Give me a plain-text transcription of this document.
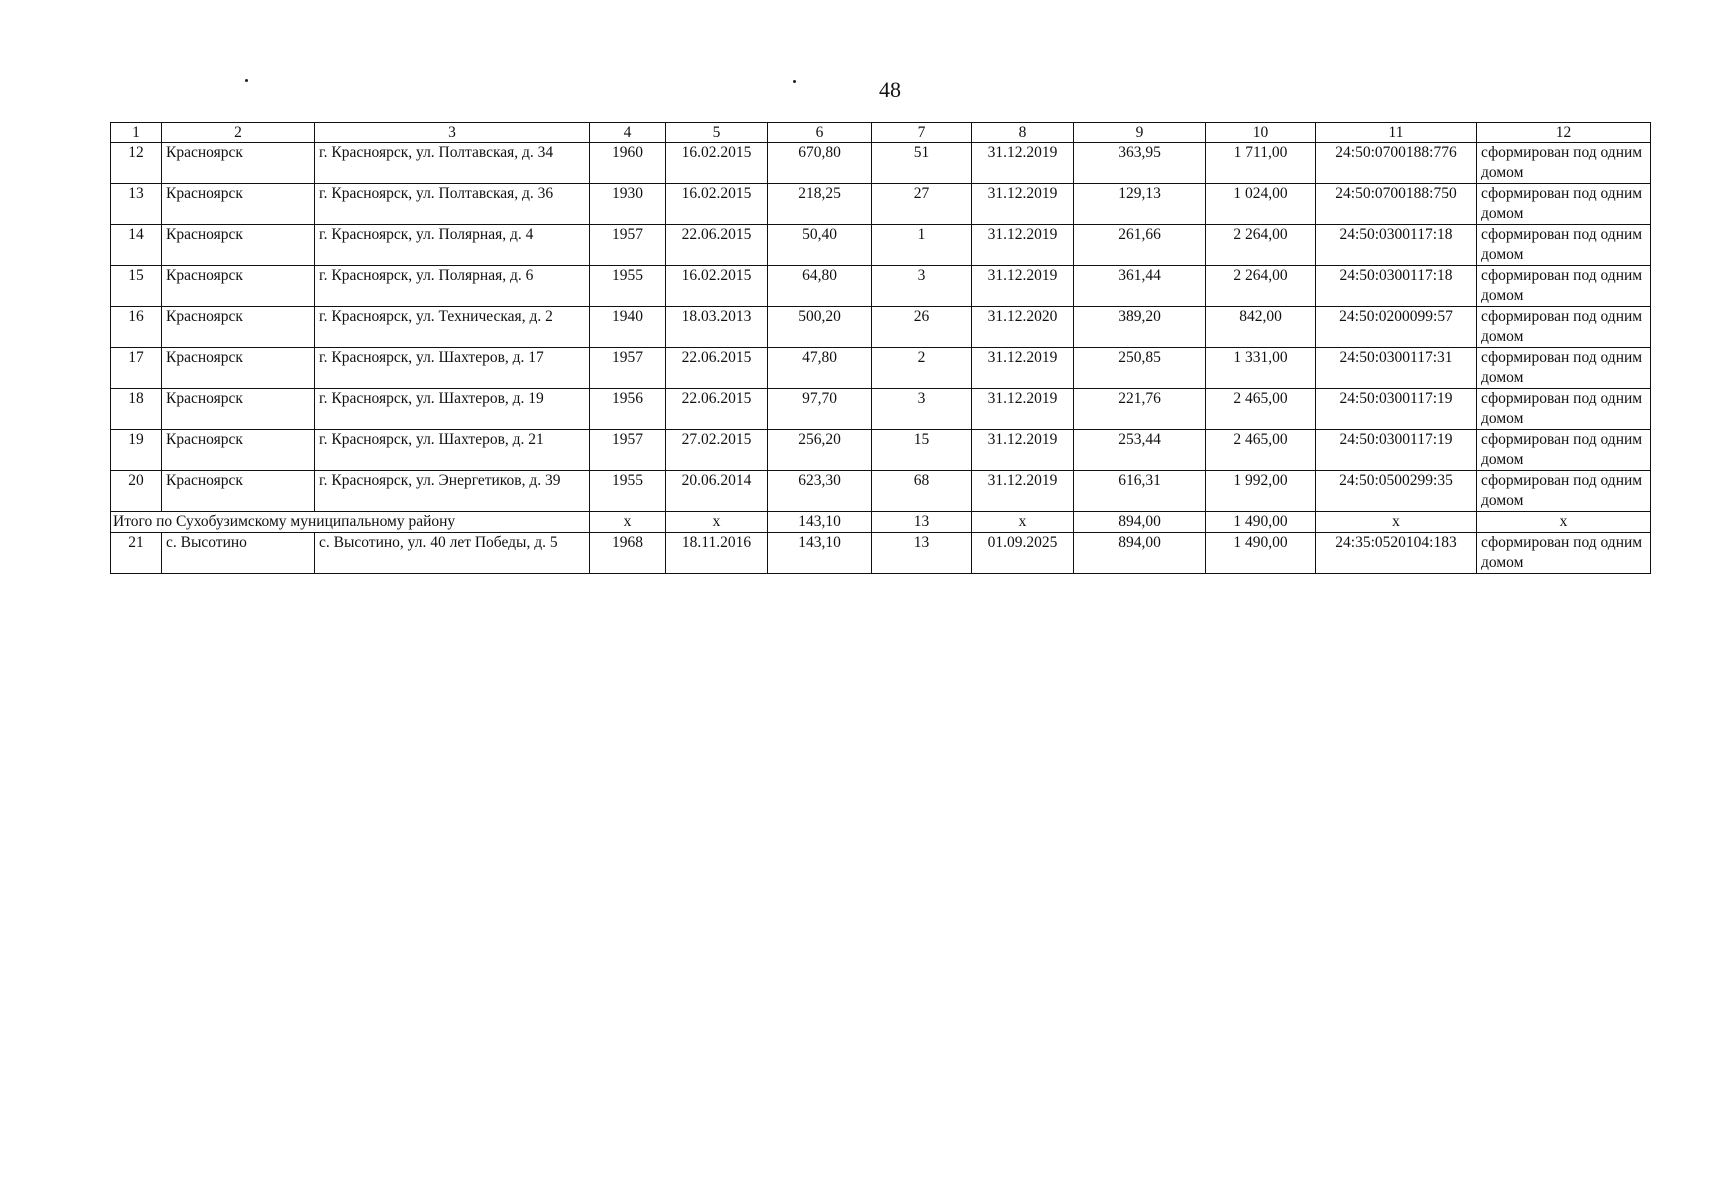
48
1	2	3	4	5	6	7	8	9	10	11	12
12	Красноярск	г. Красноярск, ул. Полтавская, д. 34	1960	16.02.2015	670,80	51	31.12.2019	363,95	1 711,00	24:50:0700188:776	сформирован под одним домом
13	Красноярск	г. Красноярск, ул. Полтавская, д. 36	1930	16.02.2015	218,25	27	31.12.2019	129,13	1 024,00	24:50:0700188:750	сформирован под одним домом
14	Красноярск	г. Красноярск, ул. Полярная, д. 4	1957	22.06.2015	50,40	1	31.12.2019	261,66	2 264,00	24:50:0300117:18	сформирован под одним домом
15	Красноярск	г. Красноярск, ул. Полярная, д. 6	1955	16.02.2015	64,80	3	31.12.2019	361,44	2 264,00	24:50:0300117:18	сформирован под одним домом
16	Красноярск	г. Красноярск, ул. Техническая, д. 2	1940	18.03.2013	500,20	26	31.12.2020	389,20	842,00	24:50:0200099:57	сформирован под одним домом
17	Красноярск	г. Красноярск, ул. Шахтеров, д. 17	1957	22.06.2015	47,80	2	31.12.2019	250,85	1 331,00	24:50:0300117:31	сформирован под одним домом
18	Красноярск	г. Красноярск, ул. Шахтеров, д. 19	1956	22.06.2015	97,70	3	31.12.2019	221,76	2 465,00	24:50:0300117:19	сформирован под одним домом
19	Красноярск	г. Красноярск, ул. Шахтеров, д. 21	1957	27.02.2015	256,20	15	31.12.2019	253,44	2 465,00	24:50:0300117:19	сформирован под одним домом
20	Красноярск	г. Красноярск, ул. Энергетиков, д. 39	1955	20.06.2014	623,30	68	31.12.2019	616,31	1 992,00	24:50:0500299:35	сформирован под одним домом
Итого по Сухобузимскому муниципальному району			x	x	143,10	13	x	894,00	1 490,00	x	x
21	с. Высотино	с. Высотино, ул. 40 лет Победы, д. 5	1968	18.11.2016	143,10	13	01.09.2025	894,00	1 490,00	24:35:0520104:183	сформирован под одним домом
